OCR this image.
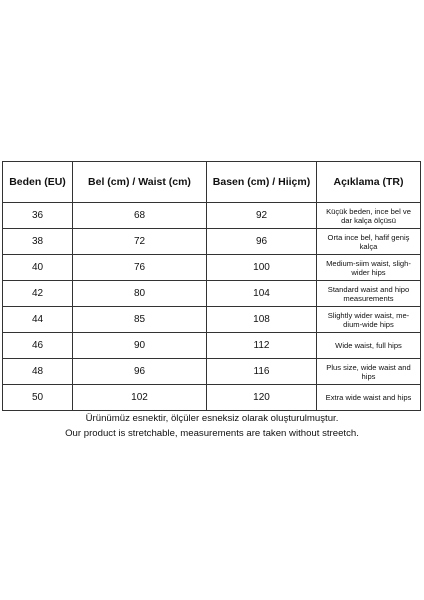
Beden (EU)	Bel (cm) / Waist (cm)	Basen (cm) / Hiiçm)	Açıklama (TR)
36	68	92	Küçük beden, ince bel ve dar kalça ölçüsü
38	72	96	Orta ince bel, hafif geniş kalça
40	76	100	Medium-siim waist, sligh-wider hips
42	80	104	Standard waist and hipo measurements
44	85	108	Slightly wider waist, me-dium-wide hips
46	90	112	Wide waist, full hips
48	96	116	Plus size, wide waist and hips
50	102	120	Extra wide waist and hips
Ürünümüz esnektir, ölçüler esneksiz olarak oluşturulmuştur.
Our product is stretchable, measurements are taken without streetch.
